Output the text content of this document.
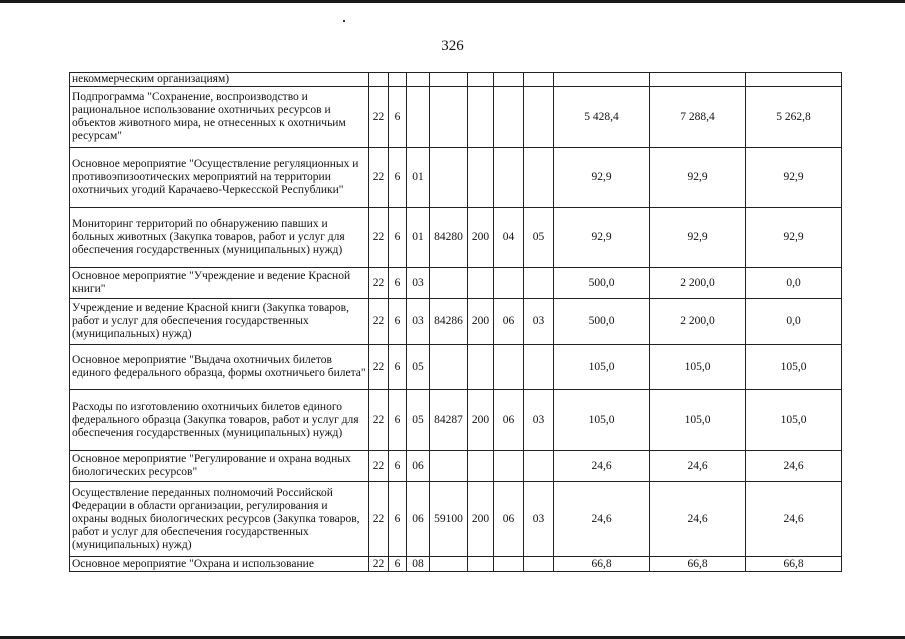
326
некоммерческим организациям)										
Подпрограмма "Сохранение, воспроизводство и рациональное использование охотничьих ресурсов и объектов животного мира, не отнесенных к охотничьим ресурсам"	22	6						5 428,4	7 288,4	5 262,8
Основное мероприятие "Осуществление регуляционных и противоэпизоотических мероприятий на территории охотничьих угодий Карачаево-Черкесской Республики"	22	6	01					92,9	92,9	92,9
Мониторинг территорий по обнаружению павших и больных животных (Закупка товаров, работ и услуг для обеспечения государственных (муниципальных) нужд)	22	6	01	84280	200	04	05	92,9	92,9	92,9
Основное мероприятие "Учреждение и ведение Красной книги"	22	6	03					500,0	2 200,0	0,0
Учреждение и ведение Красной книги (Закупка товаров, работ и услуг для обеспечения государственных (муниципальных) нужд)	22	6	03	84286	200	06	03	500,0	2 200,0	0,0
Основное мероприятие "Выдача охотничьих билетов единого федерального образца, формы охотничьего билета"	22	6	05					105,0	105,0	105,0
Расходы по изготовлению охотничьих билетов единого федерального образца (Закупка товаров, работ и услуг для обеспечения государственных (муниципальных) нужд)	22	6	05	84287	200	06	03	105,0	105,0	105,0
Основное мероприятие "Регулирование и охрана водных биологических ресурсов"	22	6	06					24,6	24,6	24,6
Осуществление переданных полномочий Российской Федерации в области организации, регулирования и охраны водных биологических ресурсов (Закупка товаров, работ и услуг для обеспечения государственных (муниципальных) нужд)	22	6	06	59100	200	06	03	24,6	24,6	24,6
Основное мероприятие "Охрана и использование	22	6	08					66,8	66,8	66,8
